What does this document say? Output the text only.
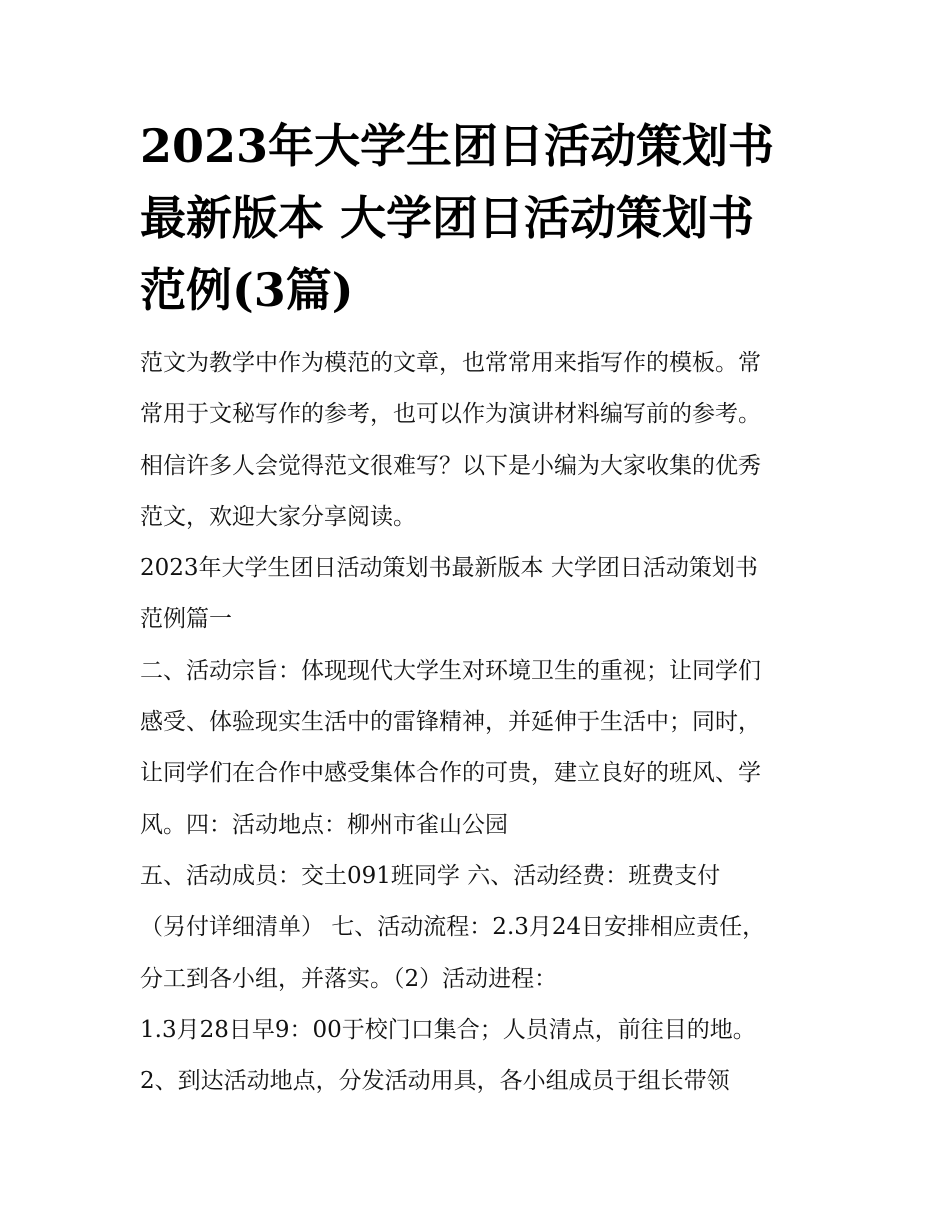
2023年大学生团日活动策划书
最新版本 大学团日活动策划书
范例(3篇)
范文为教学中作为模范的文章，也常常用来指写作的模板。常
常用于文秘写作的参考，也可以作为演讲材料编写前的参考。
相信许多人会觉得范文很难写？以下是小编为大家收集的优秀
范文，欢迎大家分享阅读。
2023年大学生团日活动策划书最新版本 大学团日活动策划书
范例篇一
二、活动宗旨：体现现代大学生对环境卫生的重视；让同学们
感受、体验现实生活中的雷锋精神，并延伸于生活中；同时，
让同学们在合作中感受集体合作的可贵，建立良好的班风、学
风。四：活动地点：柳州市雀山公园
五、活动成员：交土091班同学 六、活动经费：班费支付
（另付详细清单） 七、活动流程：2.3月24日安排相应责任，
分工到各小组，并落实。（2）活动进程：
1.3月28日早9：00于校门口集合；人员清点，前往目的地。
2、到达活动地点，分发活动用具，各小组成员于组长带领
